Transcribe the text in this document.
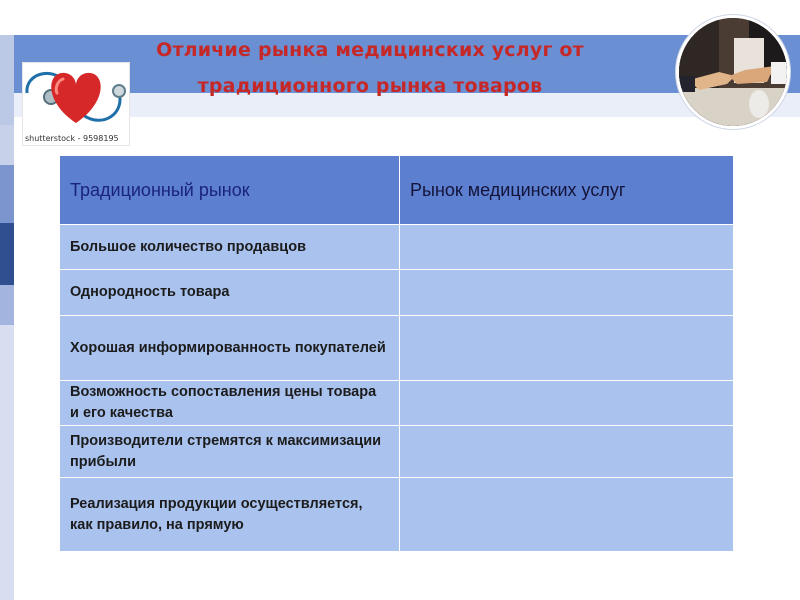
Отличие рынка медицинских услуг от
традиционного рынка товаров
shutterstock - 9598195
Традиционный рынок	Рынок медицинских услуг
Большое количество продавцов	
Однородность товара	
Хорошая информированность покупателей	
Возможность сопоставления цены товара и его качества	
Производители стремятся к максимизации прибыли	
Реализация продукции осуществляется, как правило, на прямую	
